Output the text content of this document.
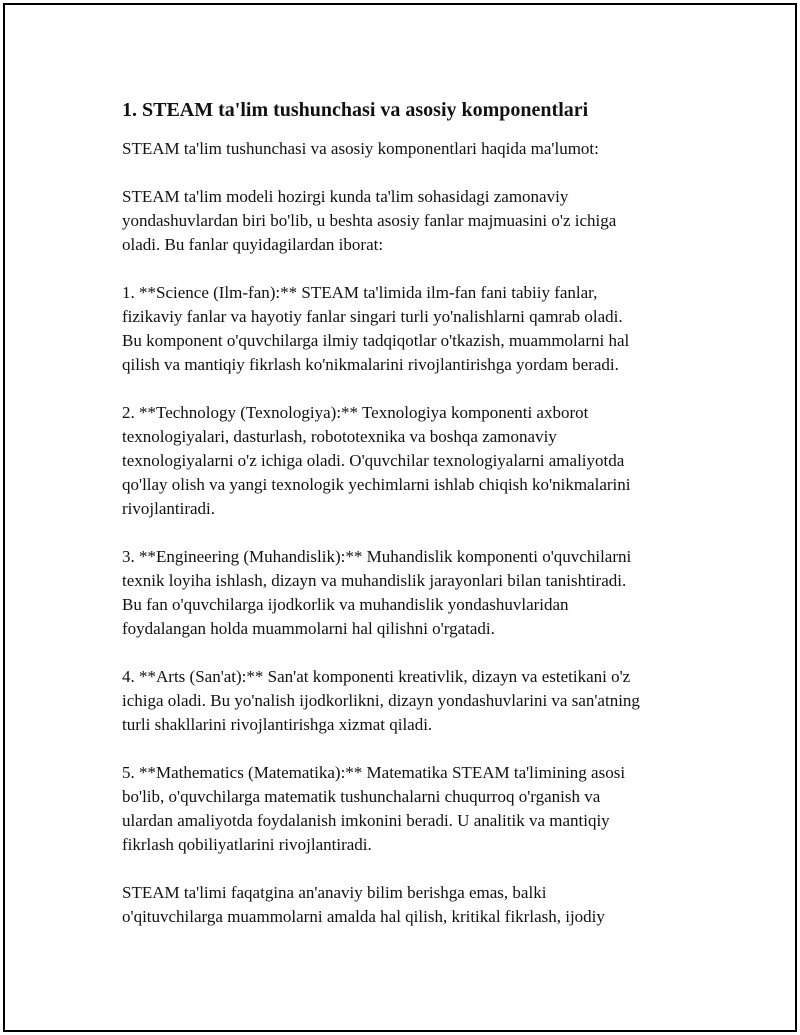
1. STEAM ta'lim tushunchasi va asosiy komponentlari
STEAM ta'lim tushunchasi va asosiy komponentlari haqida ma'lumot:
STEAM ta'lim modeli hozirgi kunda ta'lim sohasidagi zamonaviy
yondashuvlardan biri bo'lib, u beshta asosiy fanlar majmuasini o'z ichiga
oladi. Bu fanlar quyidagilardan iborat:
1. **Science (Ilm-fan):** STEAM ta'limida ilm-fan fani tabiiy fanlar,
fizikaviy fanlar va hayotiy fanlar singari turli yo'nalishlarni qamrab oladi.
Bu komponent o'quvchilarga ilmiy tadqiqotlar o'tkazish, muammolarni hal
qilish va mantiqiy fikrlash ko'nikmalarini rivojlantirishga yordam beradi.
2. **Technology (Texnologiya):** Texnologiya komponenti axborot
texnologiyalari, dasturlash, robototexnika va boshqa zamonaviy
texnologiyalarni o'z ichiga oladi. O'quvchilar texnologiyalarni amaliyotda
qo'llay olish va yangi texnologik yechimlarni ishlab chiqish ko'nikmalarini
rivojlantiradi.
3. **Engineering (Muhandislik):** Muhandislik komponenti o'quvchilarni
texnik loyiha ishlash, dizayn va muhandislik jarayonlari bilan tanishtiradi.
Bu fan o'quvchilarga ijodkorlik va muhandislik yondashuvlaridan
foydalangan holda muammolarni hal qilishni o'rgatadi.
4. **Arts (San'at):** San'at komponenti kreativlik, dizayn va estetikani o'z
ichiga oladi. Bu yo'nalish ijodkorlikni, dizayn yondashuvlarini va san'atning
turli shakllarini rivojlantirishga xizmat qiladi.
5. **Mathematics (Matematika):** Matematika STEAM ta'limining asosi
bo'lib, o'quvchilarga matematik tushunchalarni chuqurroq o'rganish va
ulardan amaliyotda foydalanish imkonini beradi. U analitik va mantiqiy
fikrlash qobiliyatlarini rivojlantiradi.
STEAM ta'limi faqatgina an'anaviy bilim berishga emas, balki
o'qituvchilarga muammolarni amalda hal qilish, kritikal fikrlash, ijodiy
